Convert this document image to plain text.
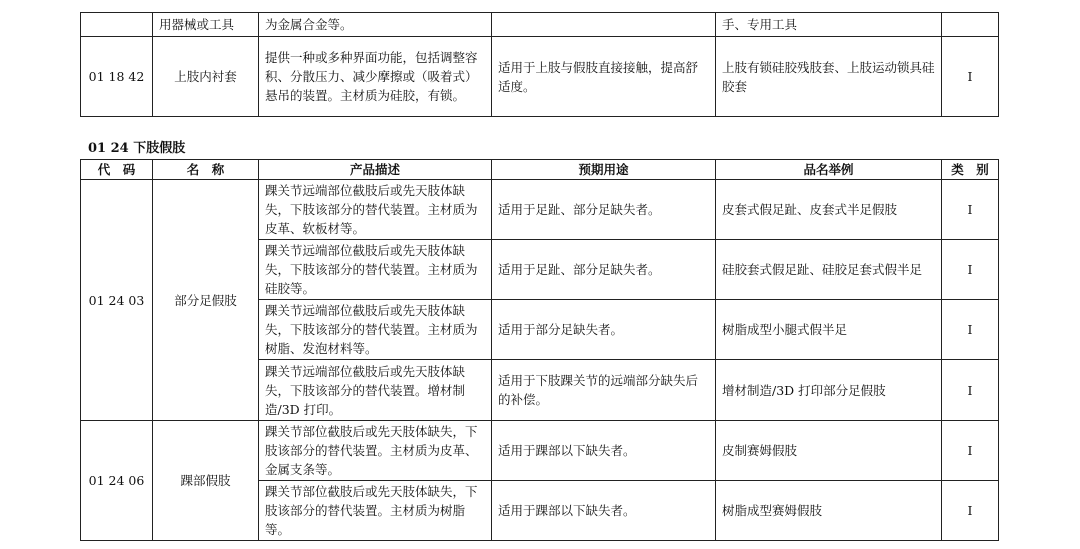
	用器械或工具	为金属合金等。		手、专用工具	
01 18 42	上肢内衬套	提供一种或多种界面功能，包括调整容积、分散压力、减少摩擦或（吸着式）悬吊的装置。主材质为硅胶，有锁。	适用于上肢与假肢直接接触，提高舒适度。	上肢有锁硅胶残肢套、上肢运动锁具硅胶套	I
01 24 下肢假肢
代　码	名　称	产品描述	预期用途	品名举例	类　别
01 24 03	部分足假肢	踝关节远端部位截肢后或先天肢体缺失，下肢该部分的替代装置。主材质为皮革、软板材等。	适用于足趾、部分足缺失者。	皮套式假足趾、皮套式半足假肢	I
		踝关节远端部位截肢后或先天肢体缺失，下肢该部分的替代装置。主材质为硅胶等。	适用于足趾、部分足缺失者。	硅胶套式假足趾、硅胶足套式假半足	I
		踝关节远端部位截肢后或先天肢体缺失，下肢该部分的替代装置。主材质为树脂、发泡材料等。	适用于部分足缺失者。	树脂成型小腿式假半足	I
		踝关节远端部位截肢后或先天肢体缺失，下肢该部分的替代装置。增材制造/3D 打印。	适用于下肢踝关节的远端部分缺失后的补偿。	增材制造/3D 打印部分足假肢	I
01 24 06	踝部假肢	踝关节部位截肢后或先天肢体缺失，下肢该部分的替代装置。主材质为皮革、金属支条等。	适用于踝部以下缺失者。	皮制赛姆假肢	I
		踝关节部位截肢后或先天肢体缺失，下肢该部分的替代装置。主材质为树脂等。	适用于踝部以下缺失者。	树脂成型赛姆假肢	I
